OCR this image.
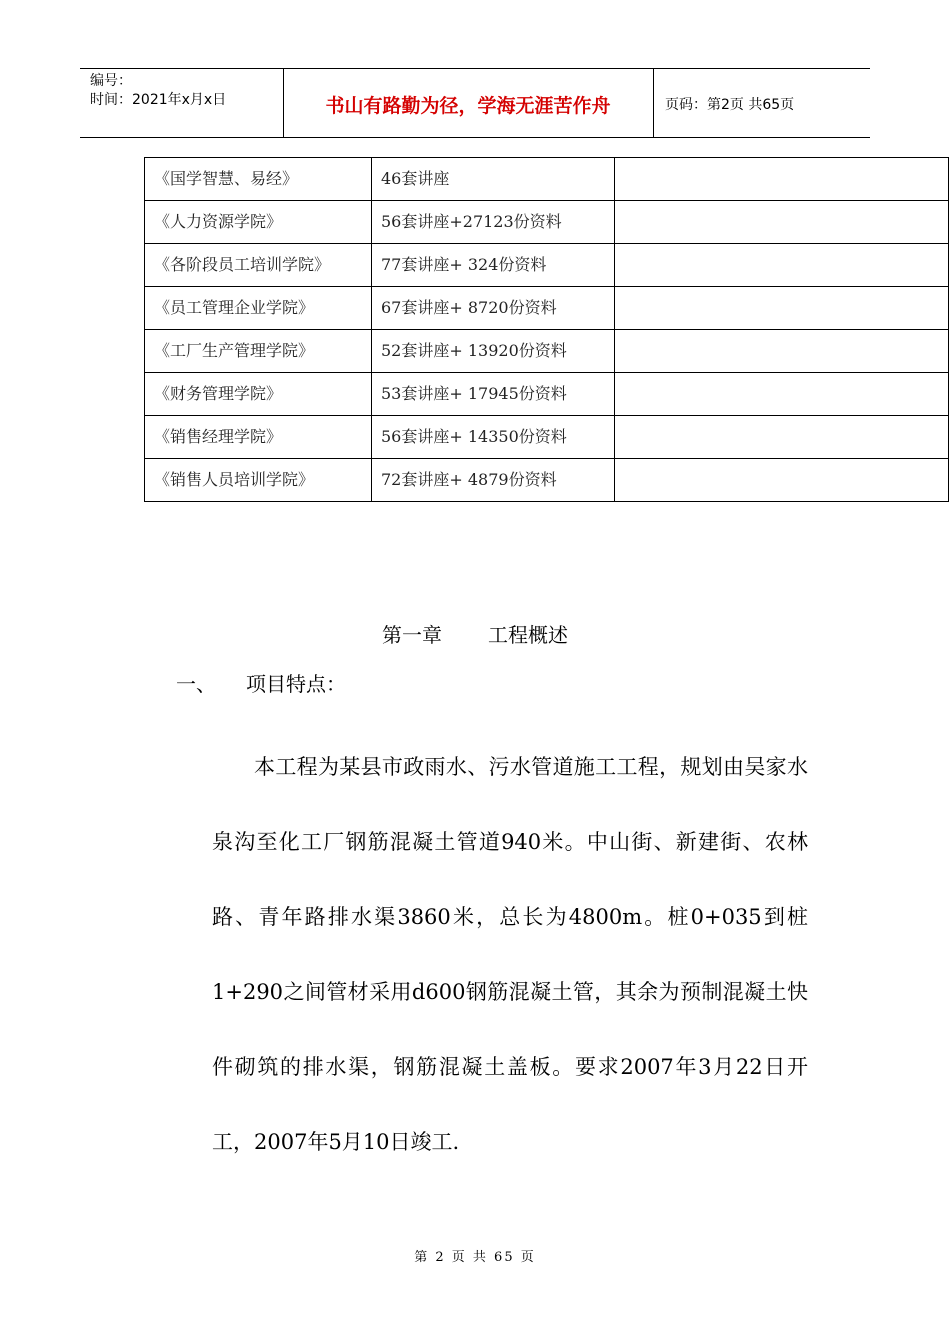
编号：
时间：2021年x月x日	书山有路勤为径，学海无涯苦作舟	页码：第2页 共65页
《国学智慧、易经》	46套讲座	
《人力资源学院》	56套讲座+27123份资料	
《各阶段员工培训学院》	77套讲座+ 324份资料	
《员工管理企业学院》	67套讲座+ 8720份资料	
《工厂生产管理学院》	52套讲座+ 13920份资料	
《财务管理学院》	53套讲座+ 17945份资料	
《销售经理学院》	56套讲座+ 14350份资料	
《销售人员培训学院》	72套讲座+ 4879份资料	
第一章 工程概述
一、 项目特点：

本工程为某县市政雨水、污水管道施工工程，规划由吴家水泉沟至化工厂钢筋混凝土管道940米。中山街、新建街、农林路、青年路排水渠3860米，总长为4800m。桩0+035到桩1+290之间管材采用d600钢筋混凝土管，其余为预制混凝土快件砌筑的排水渠，钢筋混凝土盖板。要求2007年3月22日开工，2007年5月10日竣工.

第 2 页 共 65 页
